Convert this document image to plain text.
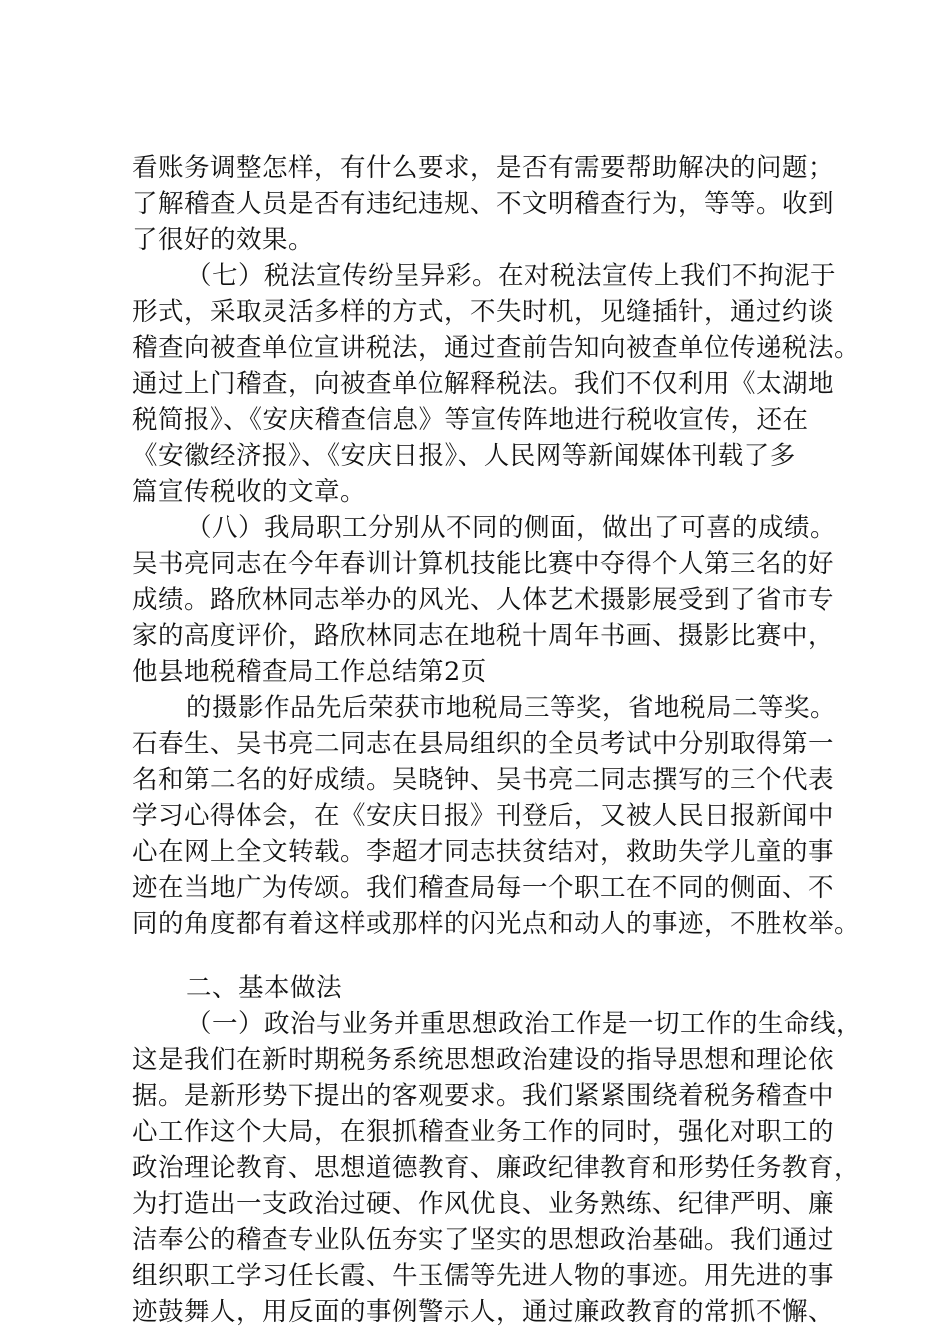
看账务调整怎样，有什么要求，是否有需要帮助解决的问题；
了解稽查人员是否有违纪违规、不文明稽查行为，等等。收到
了很好的效果。
（七）税法宣传纷呈异彩。在对税法宣传上我们不拘泥于
形式，采取灵活多样的方式，不失时机，见缝插针，通过约谈
稽查向被查单位宣讲税法，通过查前告知向被查单位传递税法。
通过上门稽查，向被查单位解释税法。我们不仅利用《太湖地
税简报》、《安庆稽查信息》等宣传阵地进行税收宣传，还在
《安徽经济报》、《安庆日报》、人民网等新闻媒体刊载了多
篇宣传税收的文章。
（八）我局职工分别从不同的侧面，做出了可喜的成绩。
吴书亮同志在今年春训计算机技能比赛中夺得个人第三名的好
成绩。路欣林同志举办的风光、人体艺术摄影展受到了省市专
家的高度评价，路欣林同志在地税十周年书画、摄影比赛中，
他县地税稽查局工作总结第2页
的摄影作品先后荣获市地税局三等奖，省地税局二等奖。
石春生、吴书亮二同志在县局组织的全员考试中分别取得第一
名和第二名的好成绩。吴晓钟、吴书亮二同志撰写的三个代表
学习心得体会，在《安庆日报》刊登后，又被人民日报新闻中
心在网上全文转载。李超才同志扶贫结对，救助失学儿童的事
迹在当地广为传颂。我们稽查局每一个职工在不同的侧面、不
同的角度都有着这样或那样的闪光点和动人的事迹，不胜枚举。
二、基本做法
（一）政治与业务并重思想政治工作是一切工作的生命线，
这是我们在新时期税务系统思想政治建设的指导思想和理论依
据。是新形势下提出的客观要求。我们紧紧围绕着税务稽查中
心工作这个大局，在狠抓稽查业务工作的同时，强化对职工的
政治理论教育、思想道德教育、廉政纪律教育和形势任务教育，
为打造出一支政治过硬、作风优良、业务熟练、纪律严明、廉
洁奉公的稽查专业队伍夯实了坚实的思想政治基础。我们通过
组织职工学习任长霞、牛玉儒等先进人物的事迹。用先进的事
迹鼓舞人，用反面的事例警示人，通过廉政教育的常抓不懈、
